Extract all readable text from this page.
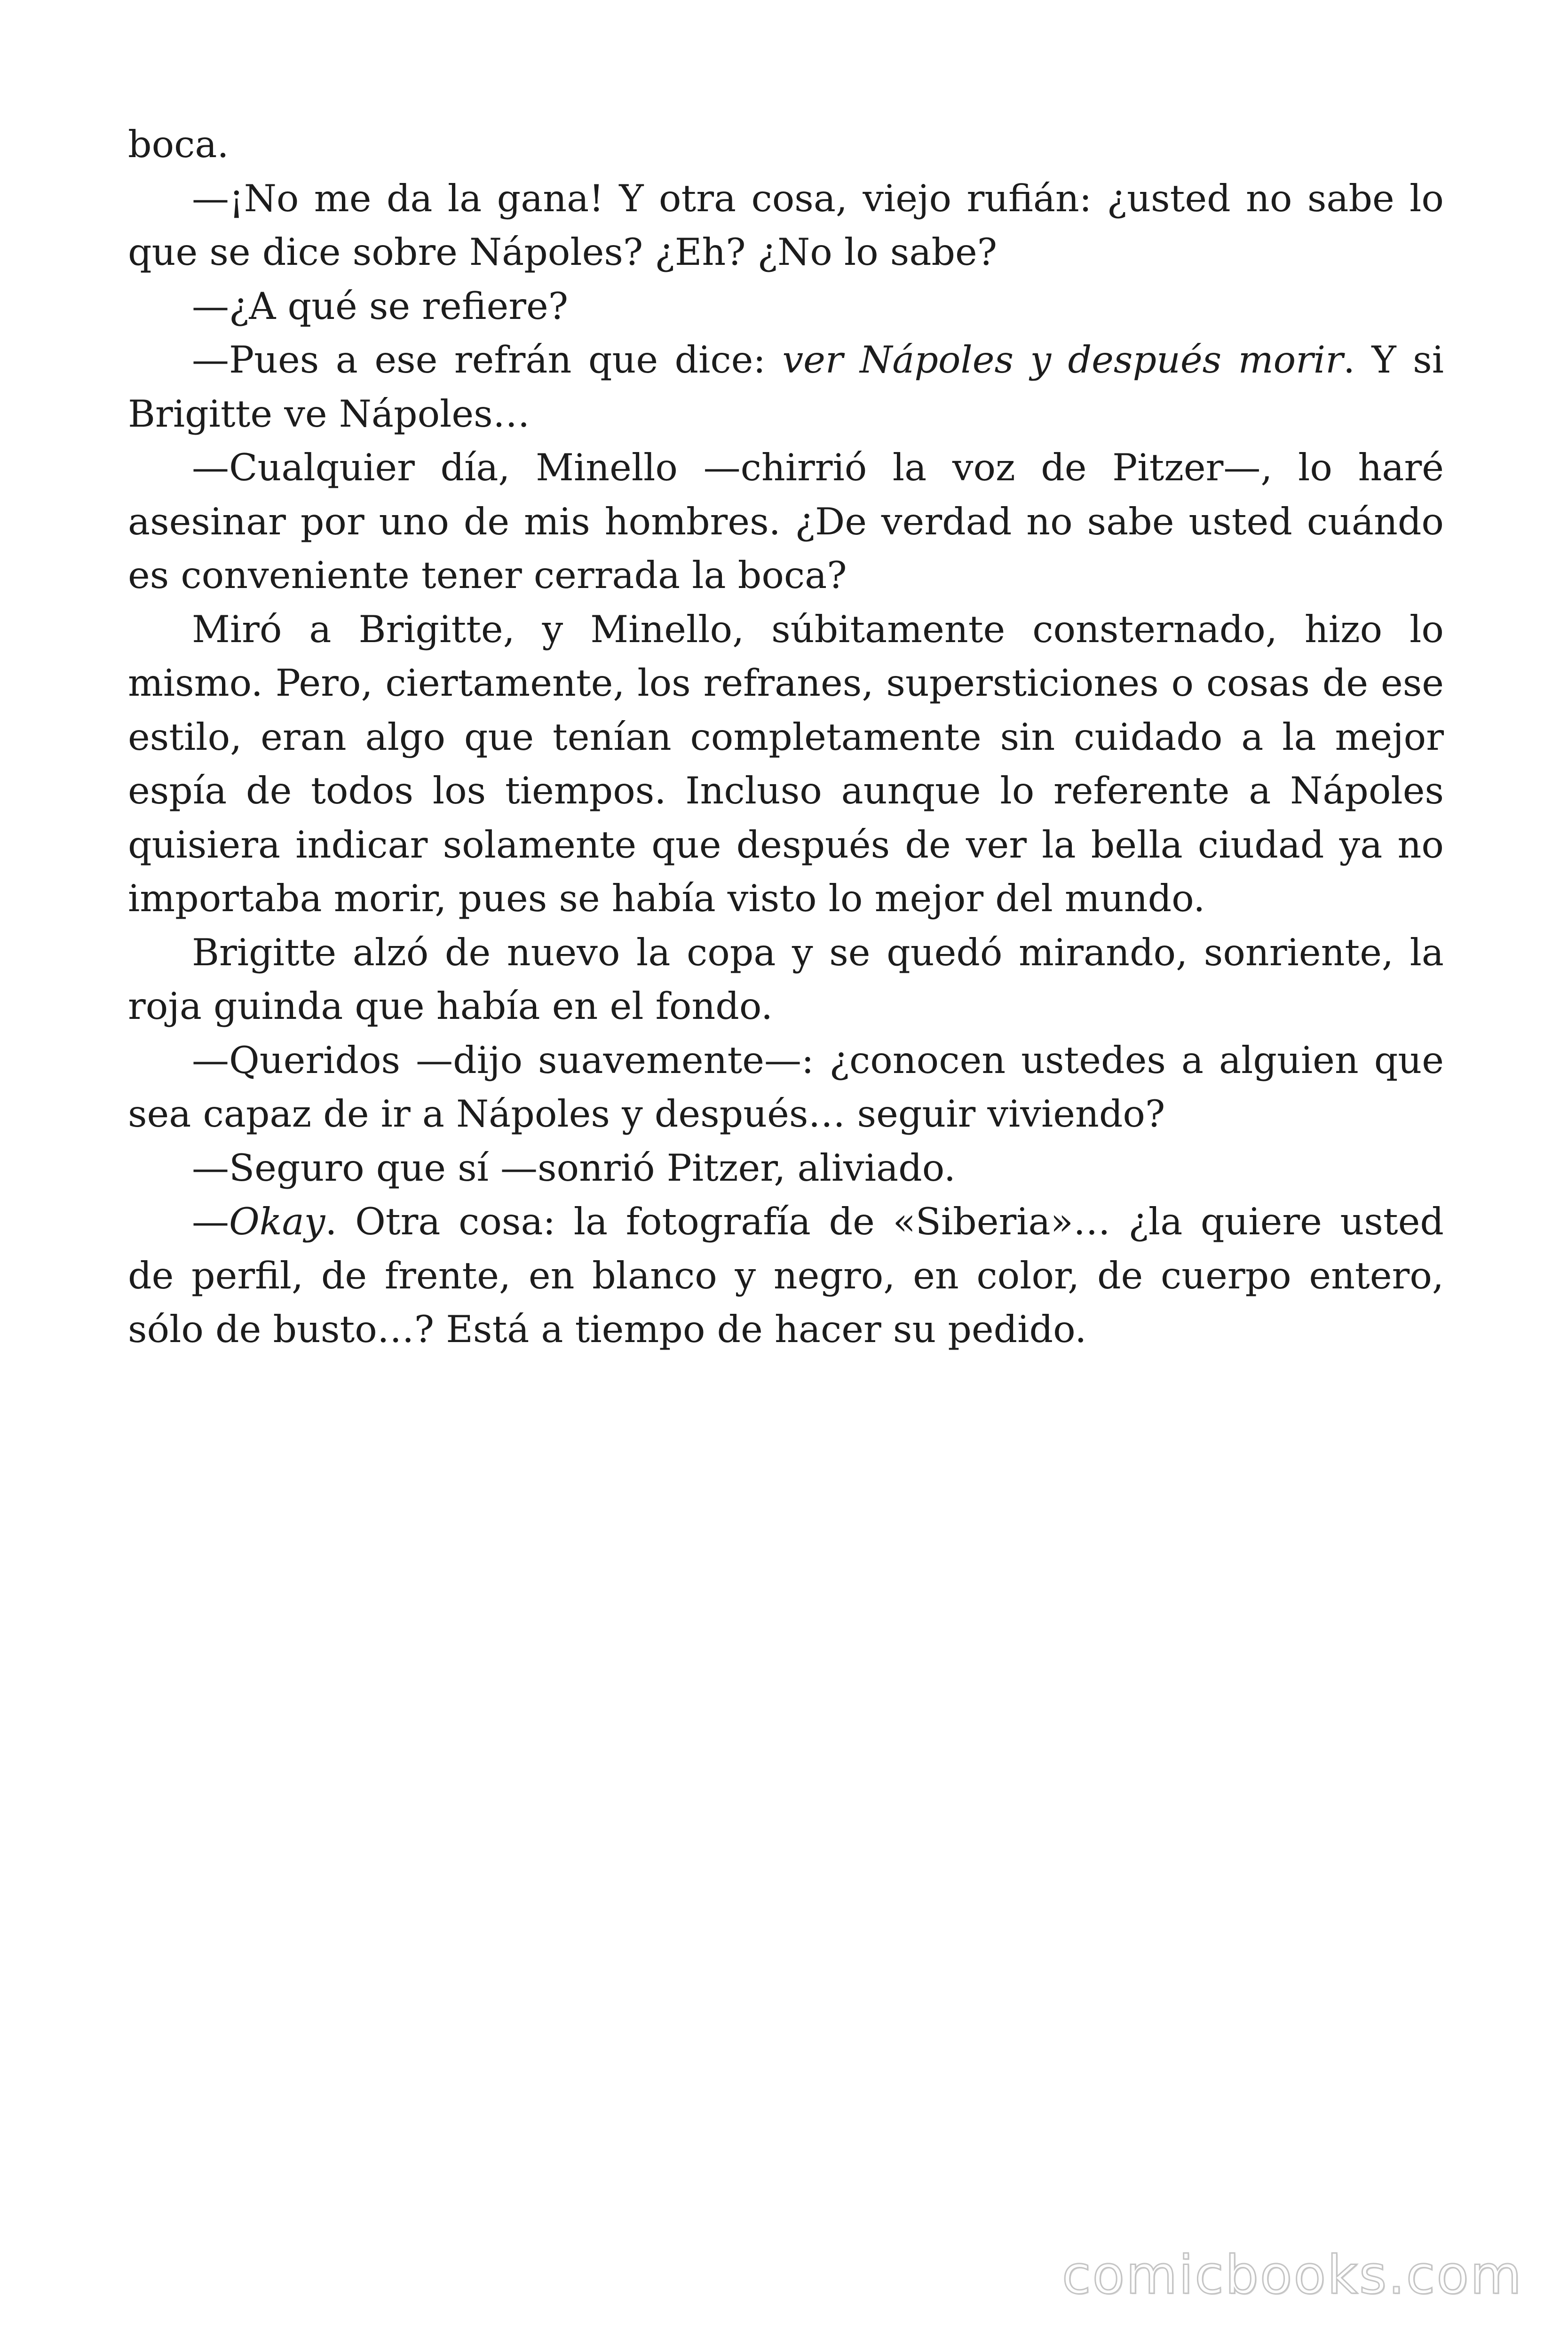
boca.

—¡No me da la gana! Y otra cosa, viejo rufián: ¿usted no sabe lo que se dice sobre Nápoles? ¿Eh? ¿No lo sabe?

—¿A qué se refiere?

—Pues a ese refrán que dice: ver Nápoles y después morir. Y si Brigitte ve Nápoles…

—Cualquier día, Minello —chirrió la voz de Pitzer—, lo haré asesinar por uno de mis hombres. ¿De verdad no sabe usted cuándo es conveniente tener cerrada la boca?

Miró a Brigitte, y Minello, súbitamente consternado, hizo lo mismo. Pero, ciertamente, los refranes, supersticiones o cosas de ese estilo, eran algo que tenían completamente sin cuidado a la mejor espía de todos los tiempos. Incluso aunque lo referente a Nápoles quisiera indicar solamente que después de ver la bella ciudad ya no importaba morir, pues se había visto lo mejor del mundo.

Brigitte alzó de nuevo la copa y se quedó mirando, sonriente, la roja guinda que había en el fondo.

—Queridos —dijo suavemente—: ¿conocen ustedes a alguien que sea capaz de ir a Nápoles y después… seguir viviendo?

—Seguro que sí —sonrió Pitzer, aliviado.

—Okay. Otra cosa: la fotografía de «Siberia»… ¿la quiere usted de perfil, de frente, en blanco y negro, en color, de cuerpo entero, sólo de busto…? Está a tiempo de hacer su pedido.

comicbooks.com
